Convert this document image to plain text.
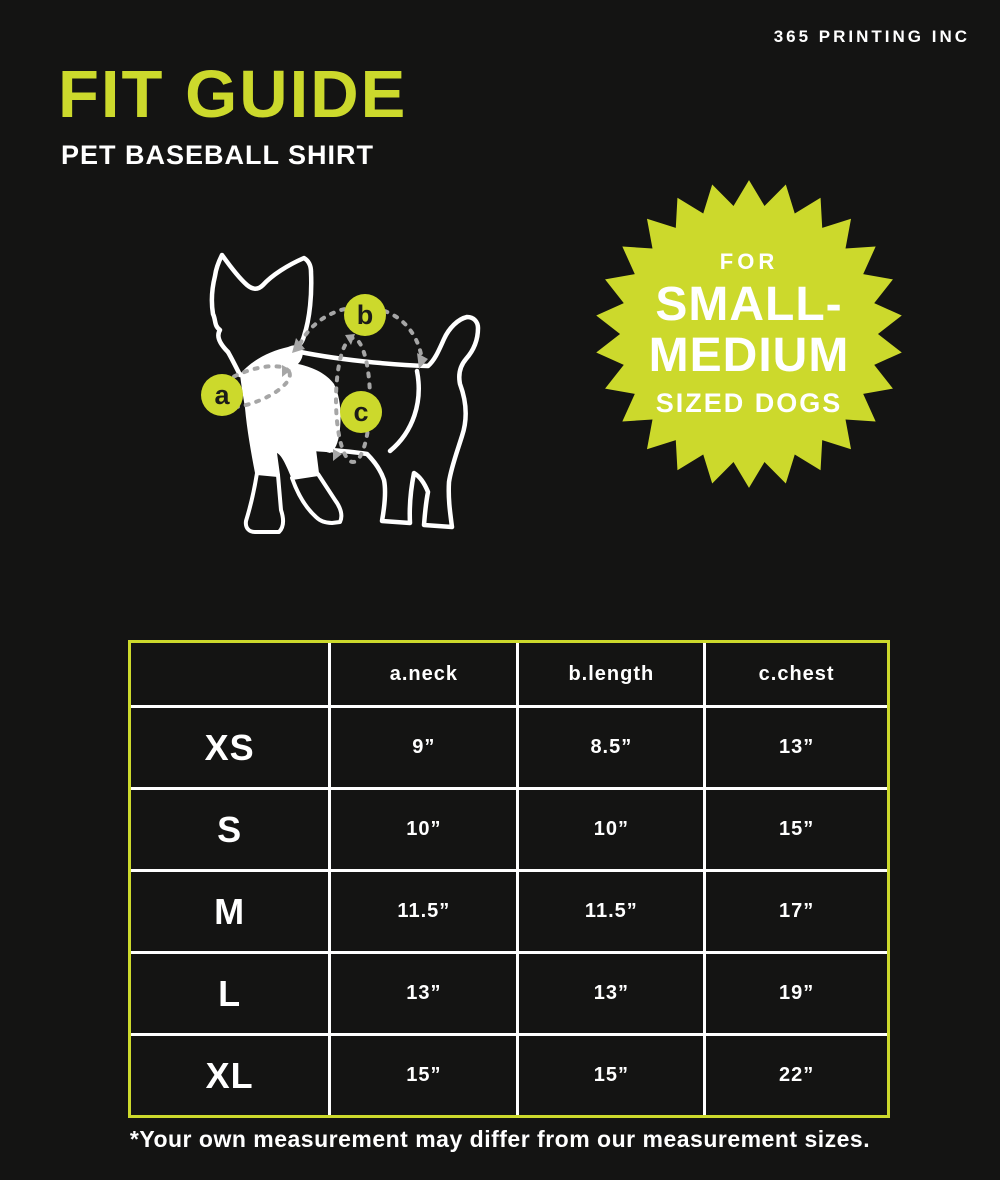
365 PRINTING INC
FIT GUIDE
PET BASEBALL SHIRT
a
b
c
FOR
SMALL-
MEDIUM
SIZED DOGS
	a.neck	b.length	c.chest
XS	9”	8.5”	13”
S	10”	10”	15”
M	11.5”	11.5”	17”
L	13”	13”	19”
XL	15”	15”	22”
*Your own measurement may differ from our measurement sizes.
